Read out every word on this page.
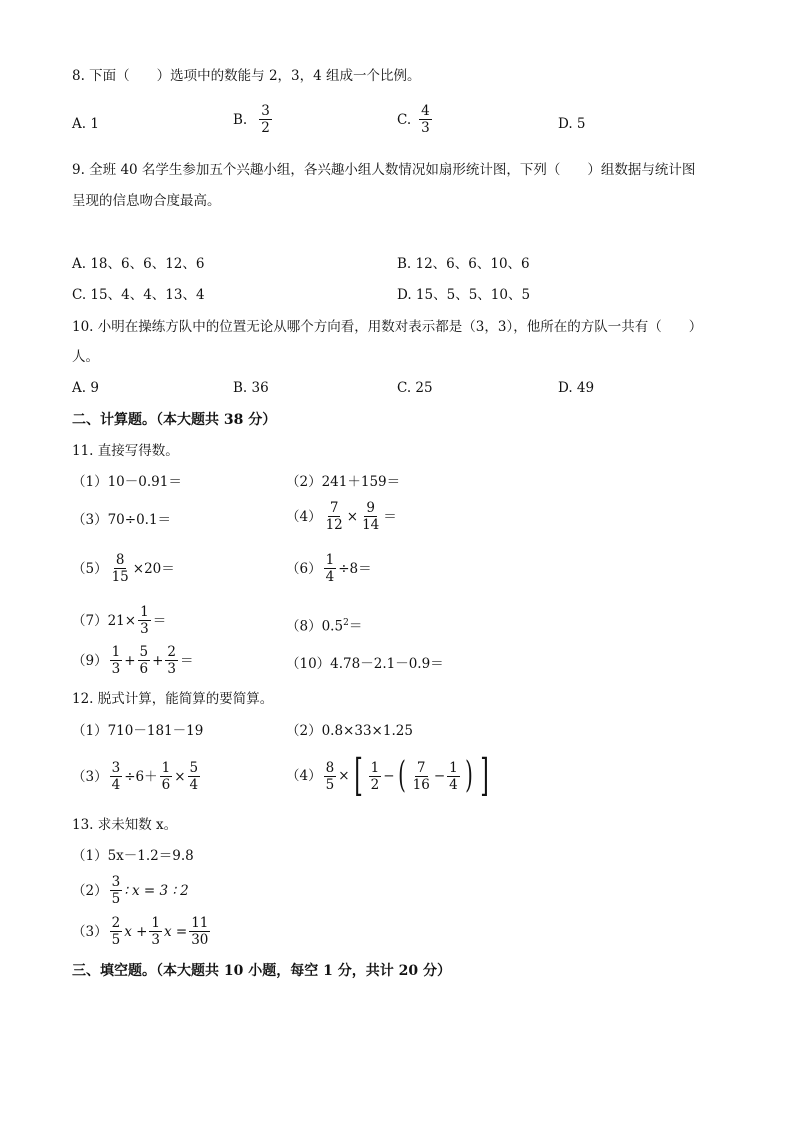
8. 下面（　　）选项中的数能与 2，3，4 组成一个比例。
A. 1	B. $\frac{3}{2}$	C. $\frac{4}{3}$	D. 5
9. 全班 40 名学生参加五个兴趣小组，各兴趣小组人数情况如扇形统计图，下列（　　）组数据与统计图
呈现的信息吻合度最高。
A. 18、6、6、12、6	B. 12、6、6、10、6
C. 15、4、4、13、4	D. 15、5、5、10、5
10. 小明在操练方队中的位置无论从哪个方向看，用数对表示都是（3，3），他所在的方队一共有（　　）
人。
A. 9	B. 36	C. 25	D. 49
二、计算题。（本大题共 38 分）
11. 直接写得数。
（1）10－0.91＝	（2）241＋159＝
（3）70÷0.1＝	$(4) \frac{7}{12} \times \frac{9}{14}$ ＝
$(5) \frac{8}{15} \times 20=$	$(6) \frac{1}{4} \div 8=$
（7） $21\times \frac{1}{3}$ ＝	$(8)0.5^2=$
$(9) \frac{1}{3} + \frac{5}{6} + \frac{2}{3}$ ＝	（10）4.78－2.1－0.9＝
12. 脱式计算，能简算的要简算。
（1）710－181－19	（2）0.8×33×1.25
$(3) \frac{3}{4} \div 6+ \frac{1}{6} \times \frac{5}{4}$	$(4) \frac{8}{5}$ × [ $\frac{1}{2}$ − ( $\frac{7}{16} - \frac{1}{4}$ ) ]
13. 求未知数 x。
（1）5x－1.2＝9.8
$(2) \frac{3}{5}$ ∶ x = 3 ∶ 2
$(3) \frac{2}{5}$ $x + \frac{1}{3}$ $x = \frac{11}{30}$
三、填空题。（本大题共 10 小题，每空 1 分，共计 20 分）
